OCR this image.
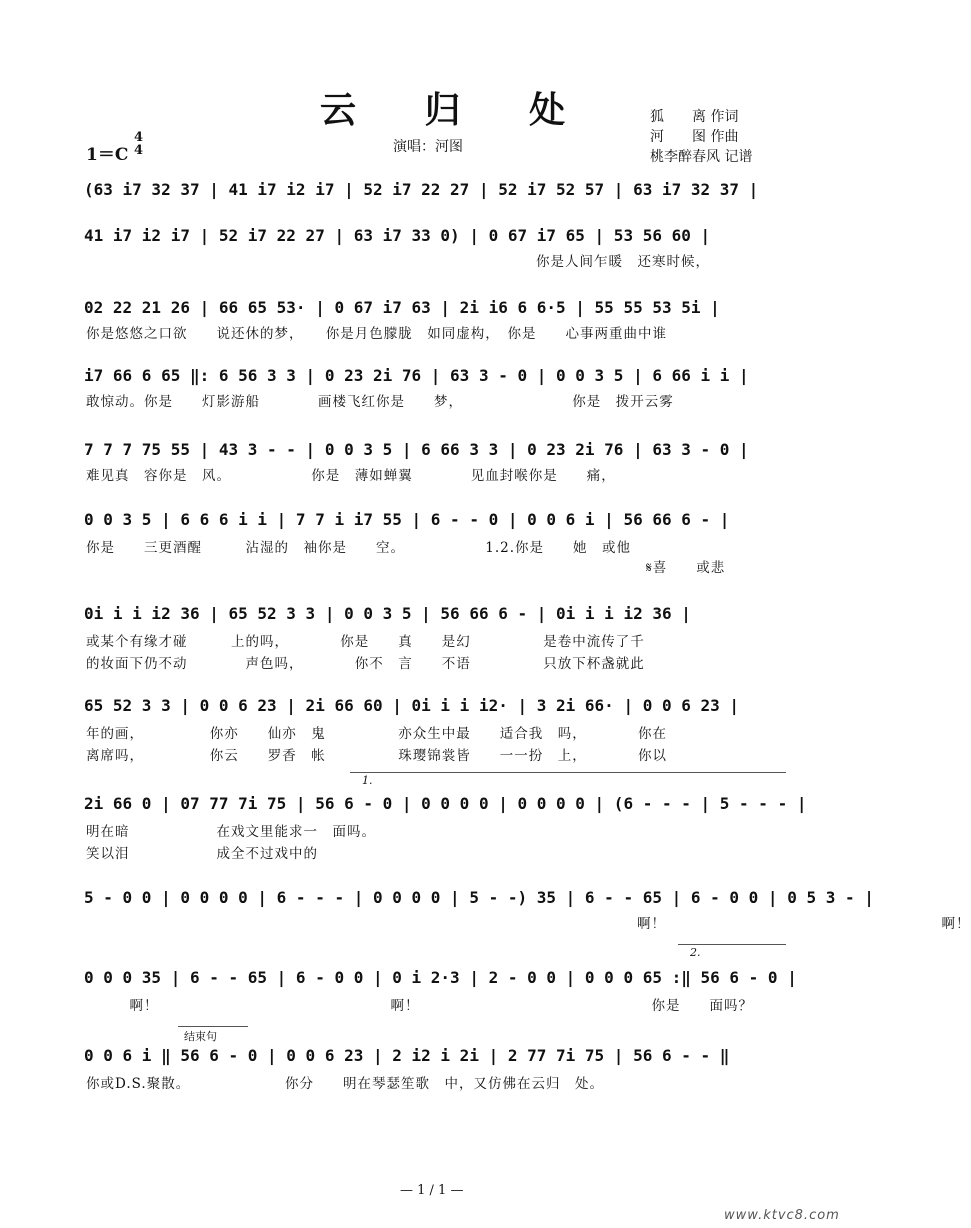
云 归 处	狐　　离 作词
河　　图 作曲
桃李醉春风 记谱
1＝C
4
4	演唱：河图
(63 i7 32 37 | 41 i7 i2 i7 | 52 i7 22 27 | 52 i7 52 57 | 63 i7 32 37 |
41 i7 i2 i7 | 52 i7 22 27 | 63 i7 33 0) | 0 67 i7 65 | 53 56 60 |
你是人间乍暖　还寒时候，
02 22 21 26 | 66 65 53· | 0 67 i7 63 | 2i i6 6 6·5 | 55 55 53 5i |
你是悠悠之口欲　　说还休的梦，　　你是月色朦胧　如同虚构，　你是　　心事两重曲中谁
i7 66 6 65 ‖: 6 56 3 3 | 0 23 2i 76 | 63 3 - 0 | 0 0 3 5 | 6 66 i i |
敢惊动。你是　　灯影游船　　　　画楼飞红你是　　梦，　　　　　　　　你是　拨开云雾
7 7 7 75 55 | 43 3 - - | 0 0 3 5 | 6 66 3 3 | 0 23 2i 76 | 63 3 - 0 |
难见真　容你是　风。　　　　　　你是　薄如蝉翼　　　　见血封喉你是　　痛，
0 0 3 5 | 6 6 6 i i | 7 7 i i7 55 | 6 - - 0 | 0 0 6 i | 56 66 6 - |
你是　　三更酒醒　　　沾湿的　袖你是　　空。　　　　　　1.2.你是　　她　或他
𝄋喜　　或悲
0i i i i2 36 | 65 52 3 3 | 0 0 3 5 | 56 66 6 - | 0i i i i2 36 |
或某个有缘才碰　　　上的吗，　　　　你是　　真　　是幻　　　　　是卷中流传了千
的妆面下仍不动　　　　声色吗，　　　　你不　言　　不语　　　　　只放下杯盏就此
65 52 3 3 | 0 0 6 23 | 2i 66 60 | 0i i i i2· | 3 2i 66· | 0 0 6 23 |
年的画，　　　　　你亦　　仙亦　鬼　　　　　亦众生中最　　适合我　吗，　　　　你在
离席吗，　　　　　你云　　罗香　帐　　　　　珠璎锦裳皆　　一一扮　上，　　　　你以
1.
2i 66 0 | 07 77 7i 75 | 56 6 - 0 | 0 0 0 0 | 0 0 0 0 | (6 - - - | 5 - - - |
明在暗　　　　　　在戏文里能求一　面吗。
笑以泪　　　　　　成全不过戏中的
5 - 0 0 | 0 0 0 0 | 6 - - - | 0 0 0 0 | 5 - -) 35 | 6 - - 65 | 6 - 0 0 | 0 5 3 - |
　　　　　　　　　　　　　　　　　　　　　　　　　　　　　　　　　　　　　　啊！　　　　　　　　　　　　　　　　　　　啊！
2.
0 0 0 35 | 6 - - 65 | 6 - 0 0 | 0 i 2·3 | 2 - 0 0 | 0 0 0 65 :‖ 56 6 - 0 |
　　　啊！　　　　　　　　　　　　　　　　啊！　　　　　　　　　　　　　　　　你是　　面吗？
结束句
0 0 6 i ‖ 56 6 - 0 | 0 0 6 23 | 2 i2 i 2i | 2 77 7i 75 | 56 6 - - ‖
你或D.S.聚散。　　　　　　　你分　　明在琴瑟笙歌　中，又仿佛在云归　处。
— 1 / 1 —
www.ktvc8.com
